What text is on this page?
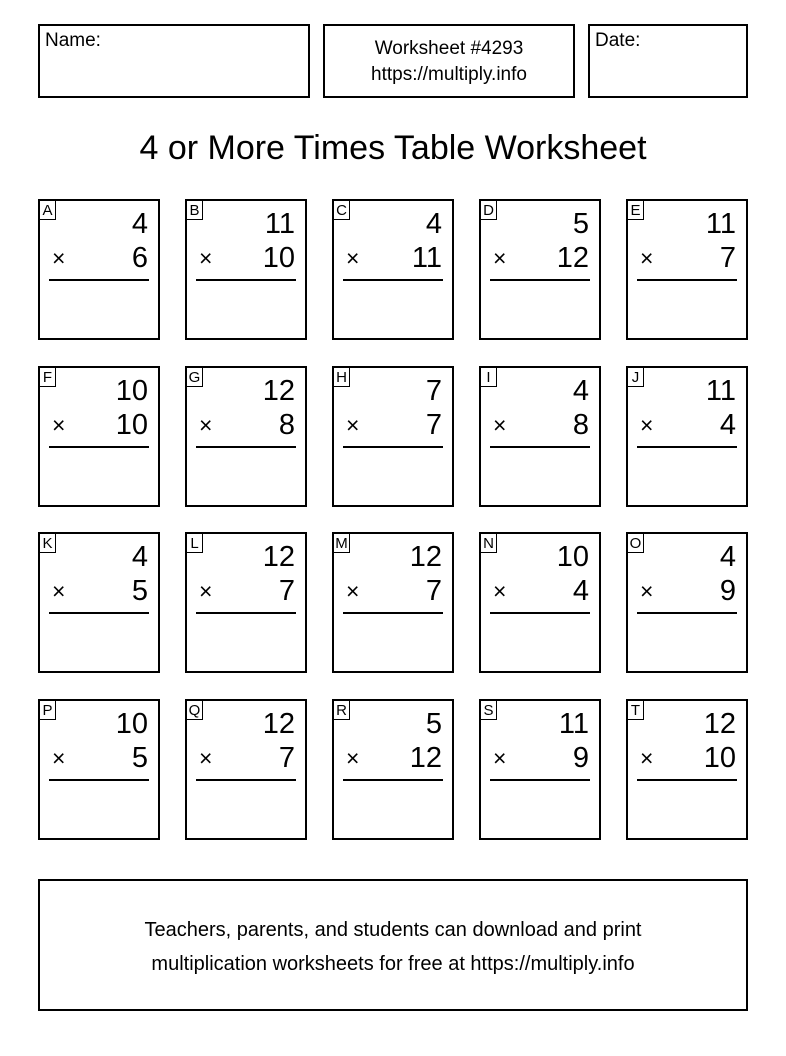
Name:	Worksheet #4293
https://multiply.info
Date:
4 or More Times Table Worksheet
A	4
× 6
B 11
× 10
C	4
× 11
D	5
× 12
E 11
× 7
F 10
× 10
G 12
× 8
H	7
× 7
I	4
× 8
J 11
× 4
K	4
× 5
L 12
× 7
M 12
× 7
N 10
× 4
O	4
× 9
P 10
× 5
Q 12
× 7
R	5
× 12
S 11
× 9
T 12
× 10
Teachers, parents, and students can download and print
multiplication worksheets for free at https://multiply.info
